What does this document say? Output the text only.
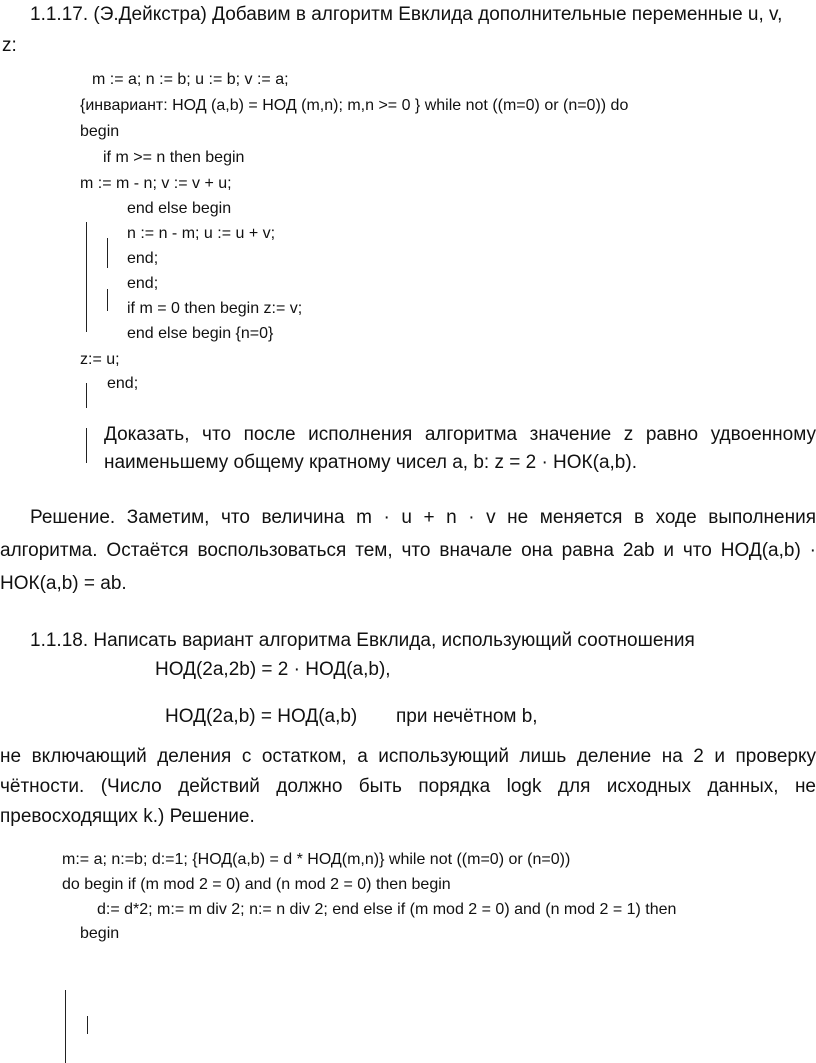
1.1.17. (Э.Дейкстра) Добавим в алгоритм Евклида дополнительные переменные u, v,
z:
m := a; n := b; u := b; v := a;
{инвариант: НОД (a,b) = НОД (m,n); m,n >= 0 } while not ((m=0) or (n=0)) do
begin
if m >= n then begin
m := m - n; v := v + u;
end else begin
n := n - m; u := u + v;
end;
end;
if m = 0 then begin z:= v;
end else begin {n=0}
z:= u;
end;
Доказать, что после исполнения алгоритма значение z равно удвоенному
наименьшему общему кратному чисел a, b: z = 2 · НОК(a,b).
Решение. Заметим, что величина m · u + n · v не меняется в ходе выполнения
алгоритма. Остаётся воспользоваться тем, что вначале она равна 2ab и что НОД(a,b) ·
НОК(a,b) = ab.
1.1.18. Написать вариант алгоритма Евклида, использующий соотношения
НОД(2a,2b) = 2 · НОД(a,b),
НОД(2a,b) = НОД(a,b) при нечётном b,
не включающий деления с остатком, а использующий лишь деление на 2 и проверку
чётности. (Число действий должно быть порядка logk для исходных данных, не
превосходящих k.) Решение.
m:= a; n:=b; d:=1; {НОД(a,b) = d * НОД(m,n)} while not ((m=0) or (n=0))
do begin if (m mod 2 = 0) and (n mod 2 = 0) then begin
d:= d*2; m:= m div 2; n:= n div 2; end else if (m mod 2 = 0) and (n mod 2 = 1) then
begin
